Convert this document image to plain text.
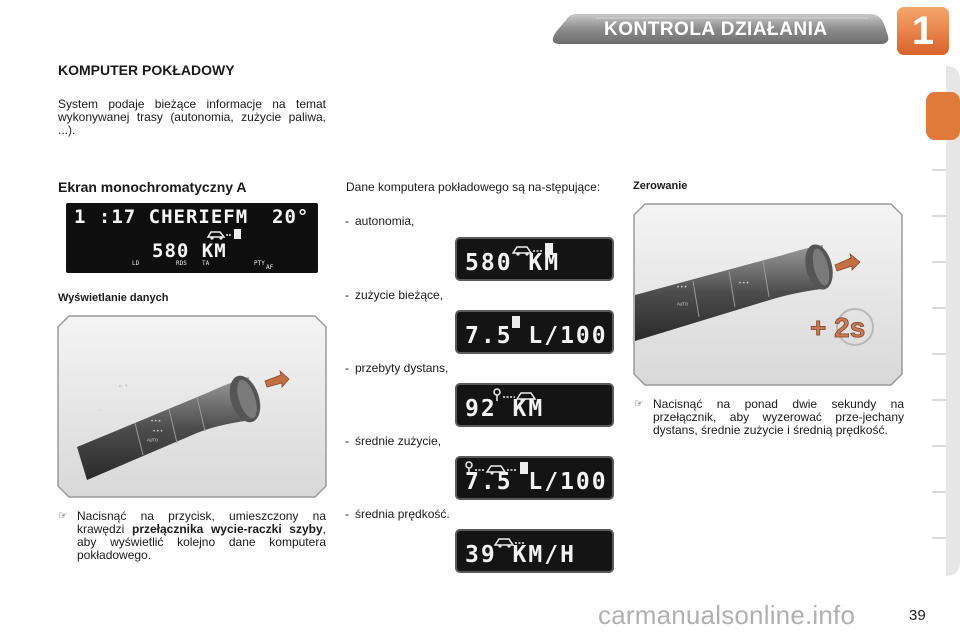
KONTROLA DZIAŁANIA 1
KOMPUTER POKŁADOWY
System podaje bieżące informacje na temat wykonywanej trasy (autonomia, zużycie paliwa, ...).
Ekran monochromatyczny A
1 ꞉17 CHERIEFM 20°
580 KM
LD	RDS	TA	PTY
AF
Wyświetlanie danych
▲ ♦
⌒
• • •
• • •
ᴬᵁᵀᴼ
☞ Nacisnąć na przycisk, umieszczony na krawędzi przełącznika wycie-raczki szyby, aby wyświetlić kolejno dane komputera pokładowego.
Dane komputera pokładowego są na-stępujące:
- autonomia,
580 KM
- zużycie bieżące,
7.5 L/100
- przebyty dystans,
92 KM
- średnie zużycie,
7.5 L/100
- średnia prędkość.
39 KM/H
Zerowanie
• • •
ᴬᵁᵀᴼ
• • •
+ 2s
☞ Nacisnąć na ponad dwie sekundy na przełącznik, aby wyzerować prze-jechany dystans, średnie zużycie i średnią prędkość.
carmanualsonline.info	39
